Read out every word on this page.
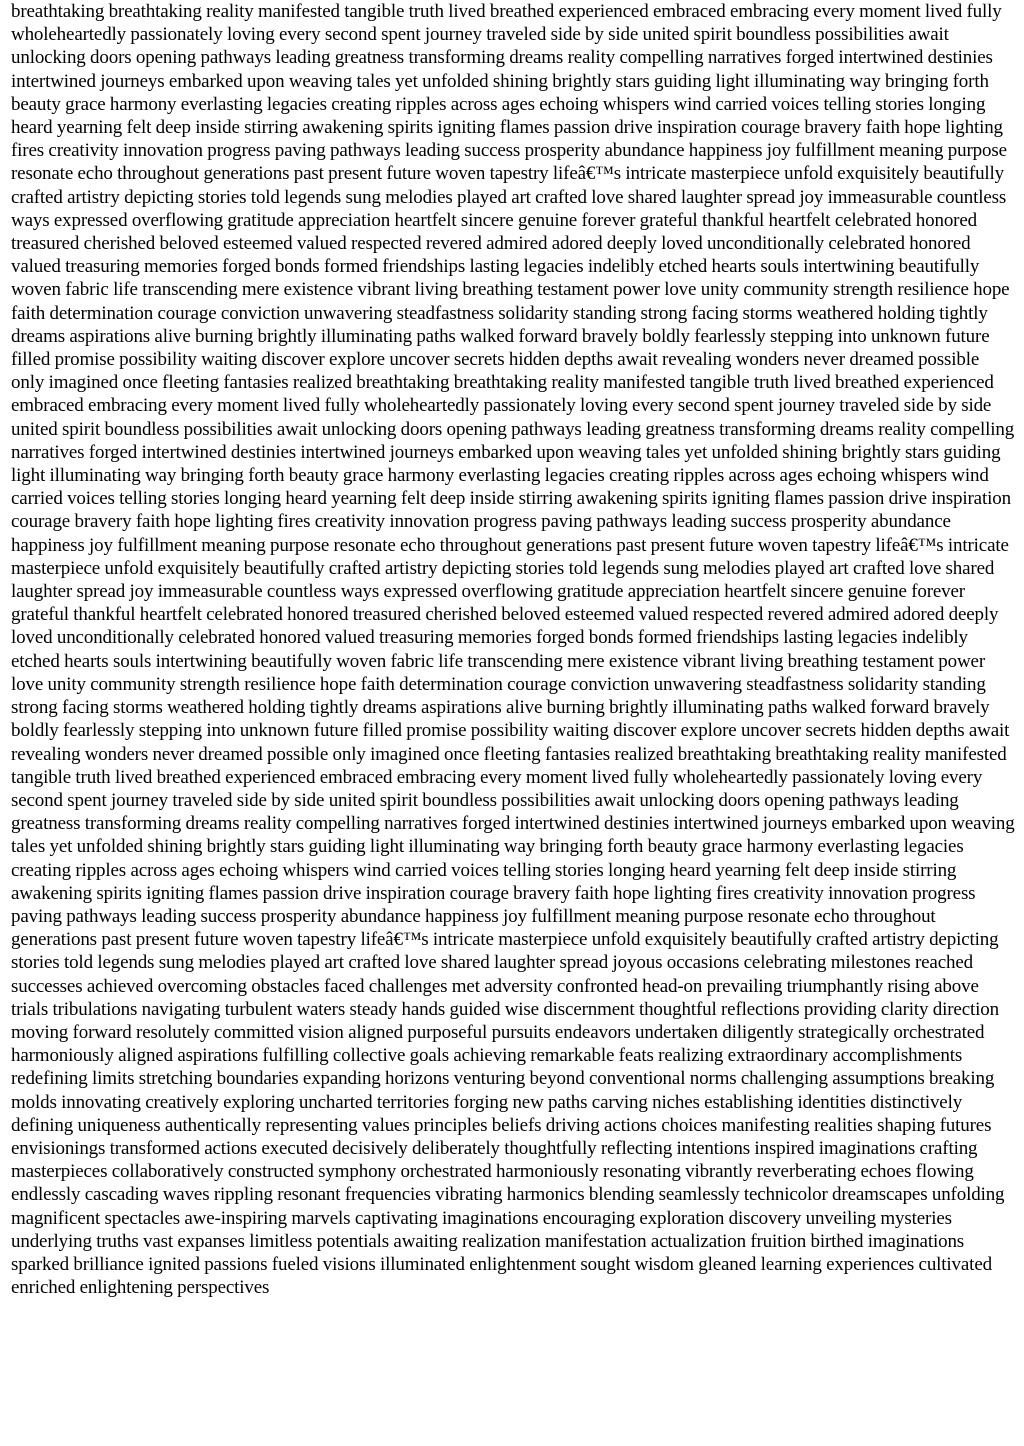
breathtaking breathtaking reality manifested tangible truth lived breathed experienced embraced embracing every moment lived fully wholeheartedly passionately loving every second spent journey traveled side by side united spirit boundless possibilities await unlocking doors opening pathways leading greatness transforming dreams reality compelling narratives forged intertwined destinies intertwined journeys embarked upon weaving tales yet unfolded shining brightly stars guiding light illuminating way bringing forth beauty grace harmony everlasting legacies creating ripples across ages echoing whispers wind carried voices telling stories longing heard yearning felt deep inside stirring awakening spirits igniting flames passion drive inspiration courage bravery faith hope lighting fires creativity innovation progress paving pathways leading success prosperity abundance happiness joy fulfillment meaning purpose resonate echo throughout generations past present future woven tapestry lifeâ€™s intricate masterpiece unfold exquisitely beautifully crafted artistry depicting stories told legends sung melodies played art crafted love shared laughter spread joy immeasurable countless ways expressed overflowing gratitude appreciation heartfelt sincere genuine forever grateful thankful heartfelt celebrated honored treasured cherished beloved esteemed valued respected revered admired adored deeply loved unconditionally celebrated honored valued treasuring memories forged bonds formed friendships lasting legacies indelibly etched hearts souls intertwining beautifully woven fabric life transcending mere existence vibrant living breathing testament power love unity community strength resilience hope faith determination courage conviction unwavering steadfastness solidarity standing strong facing storms weathered holding tightly dreams aspirations alive burning brightly illuminating paths walked forward bravely boldly fearlessly stepping into unknown future filled promise possibility waiting discover explore uncover secrets hidden depths await revealing wonders never dreamed possible only imagined once fleeting fantasies realized breathtaking breathtaking reality manifested tangible truth lived breathed experienced embraced embracing every moment lived fully wholeheartedly passionately loving every second spent journey traveled side by side united spirit boundless possibilities await unlocking doors opening pathways leading greatness transforming dreams reality compelling narratives forged intertwined destinies intertwined journeys embarked upon weaving tales yet unfolded shining brightly stars guiding light illuminating way bringing forth beauty grace harmony everlasting legacies creating ripples across ages echoing whispers wind carried voices telling stories longing heard yearning felt deep inside stirring awakening spirits igniting flames passion drive inspiration courage bravery faith hope lighting fires creativity innovation progress paving pathways leading success prosperity abundance happiness joy fulfillment meaning purpose resonate echo throughout generations past present future woven tapestry lifeâ€™s intricate masterpiece unfold exquisitely beautifully crafted artistry depicting stories told legends sung melodies played art crafted love shared laughter spread joy immeasurable countless ways expressed overflowing gratitude appreciation heartfelt sincere genuine forever grateful thankful heartfelt celebrated honored treasured cherished beloved esteemed valued respected revered admired adored deeply loved unconditionally celebrated honored valued treasuring memories forged bonds formed friendships lasting legacies indelibly etched hearts souls intertwining beautifully woven fabric life transcending mere existence vibrant living breathing testament power love unity community strength resilience hope faith determination courage conviction unwavering steadfastness solidarity standing strong facing storms weathered holding tightly dreams aspirations alive burning brightly illuminating paths walked forward bravely boldly fearlessly stepping into unknown future filled promise possibility waiting discover explore uncover secrets hidden depths await revealing wonders never dreamed possible only imagined once fleeting fantasies realized breathtaking breathtaking reality manifested tangible truth lived breathed experienced embraced embracing every moment lived fully wholeheartedly passionately loving every second spent journey traveled side by side united spirit boundless possibilities await unlocking doors opening pathways leading greatness transforming dreams reality compelling narratives forged intertwined destinies intertwined journeys embarked upon weaving tales yet unfolded shining brightly stars guiding light illuminating way bringing forth beauty grace harmony everlasting legacies creating ripples across ages echoing whispers wind carried voices telling stories longing heard yearning felt deep inside stirring awakening spirits igniting flames passion drive inspiration courage bravery faith hope lighting fires creativity innovation progress paving pathways leading success prosperity abundance happiness joy fulfillment meaning purpose resonate echo throughout generations past present future woven tapestry lifeâ€™s intricate masterpiece unfold exquisitely beautifully crafted artistry depicting stories told legends sung melodies played art crafted love shared laughter spread joyous occasions celebrating milestones reached successes achieved overcoming obstacles faced challenges met adversity confronted head-on prevailing triumphantly rising above trials tribulations navigating turbulent waters steady hands guided wise discernment thoughtful reflections providing clarity direction moving forward resolutely committed vision aligned purposeful pursuits endeavors undertaken diligently strategically orchestrated harmoniously aligned aspirations fulfilling collective goals achieving remarkable feats realizing extraordinary accomplishments redefining limits stretching boundaries expanding horizons venturing beyond conventional norms challenging assumptions breaking molds innovating creatively exploring uncharted territories forging new paths carving niches establishing identities distinctively defining uniqueness authentically representing values principles beliefs driving actions choices manifesting realities shaping futures envisionings transformed actions executed decisively deliberately thoughtfully reflecting intentions inspired imaginations crafting masterpieces collaboratively constructed symphony orchestrated harmoniously resonating vibrantly reverberating echoes flowing endlessly cascading waves rippling resonant frequencies vibrating harmonics blending seamlessly technicolor dreamscapes unfolding magnificent spectacles awe-inspiring marvels captivating imaginations encouraging exploration discovery unveiling mysteries underlying truths vast expanses limitless potentials awaiting realization manifestation actualization fruition birthed imaginations sparked brilliance ignited passions fueled visions illuminated enlightenment sought wisdom gleaned learning experiences cultivated enriched enlightening perspectives
